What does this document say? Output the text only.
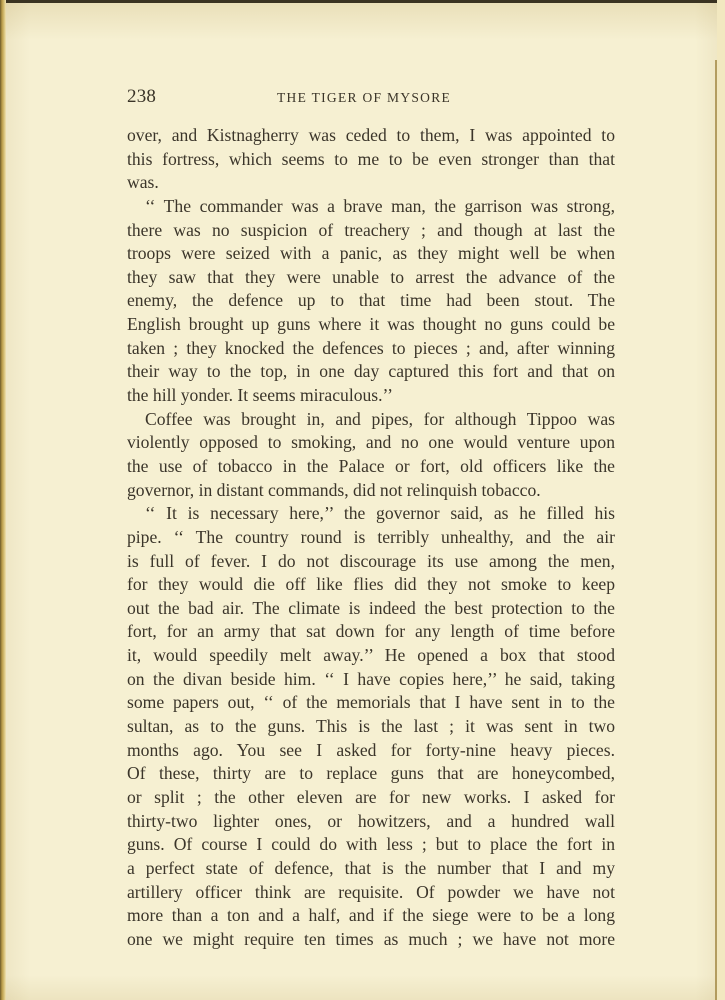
238	THE TIGER OF MYSORE
over, and Kistnagherry was ceded to them, I was appointed to
this fortress, which seems to me to be even stronger than that
was.
‘‘ The commander was a brave man, the garrison was strong,
there was no suspicion of treachery ; and though at last the
troops were seized with a panic, as they might well be when
they saw that they were unable to arrest the advance of the
enemy, the defence up to that time had been stout. The
English brought up guns where it was thought no guns could be
taken ; they knocked the defences to pieces ; and, after winning
their way to the top, in one day captured this fort and that on
the hill yonder. It seems miraculous.’’
Coffee was brought in, and pipes, for although Tippoo was
violently opposed to smoking, and no one would venture upon
the use of tobacco in the Palace or fort, old officers like the
governor, in distant commands, did not relinquish tobacco.
‘‘ It is necessary here,’’ the governor said, as he filled his
pipe. ‘‘ The country round is terribly unhealthy, and the air
is full of fever. I do not discourage its use among the men,
for they would die off like flies did they not smoke to keep
out the bad air. The climate is indeed the best protection to the
fort, for an army that sat down for any length of time before
it, would speedily melt away.’’ He opened a box that stood
on the divan beside him. ‘‘ I have copies here,’’ he said, taking
some papers out, ‘‘ of the memorials that I have sent in to the
sultan, as to the guns. This is the last ; it was sent in two
months ago. You see I asked for forty-nine heavy pieces.
Of these, thirty are to replace guns that are honeycombed,
or split ; the other eleven are for new works. I asked for
thirty-two lighter ones, or howitzers, and a hundred wall
guns. Of course I could do with less ; but to place the fort in
a perfect state of defence, that is the number that I and my
artillery officer think are requisite. Of powder we have not
more than a ton and a half, and if the siege were to be a long
one we might require ten times as much ; we have not more
